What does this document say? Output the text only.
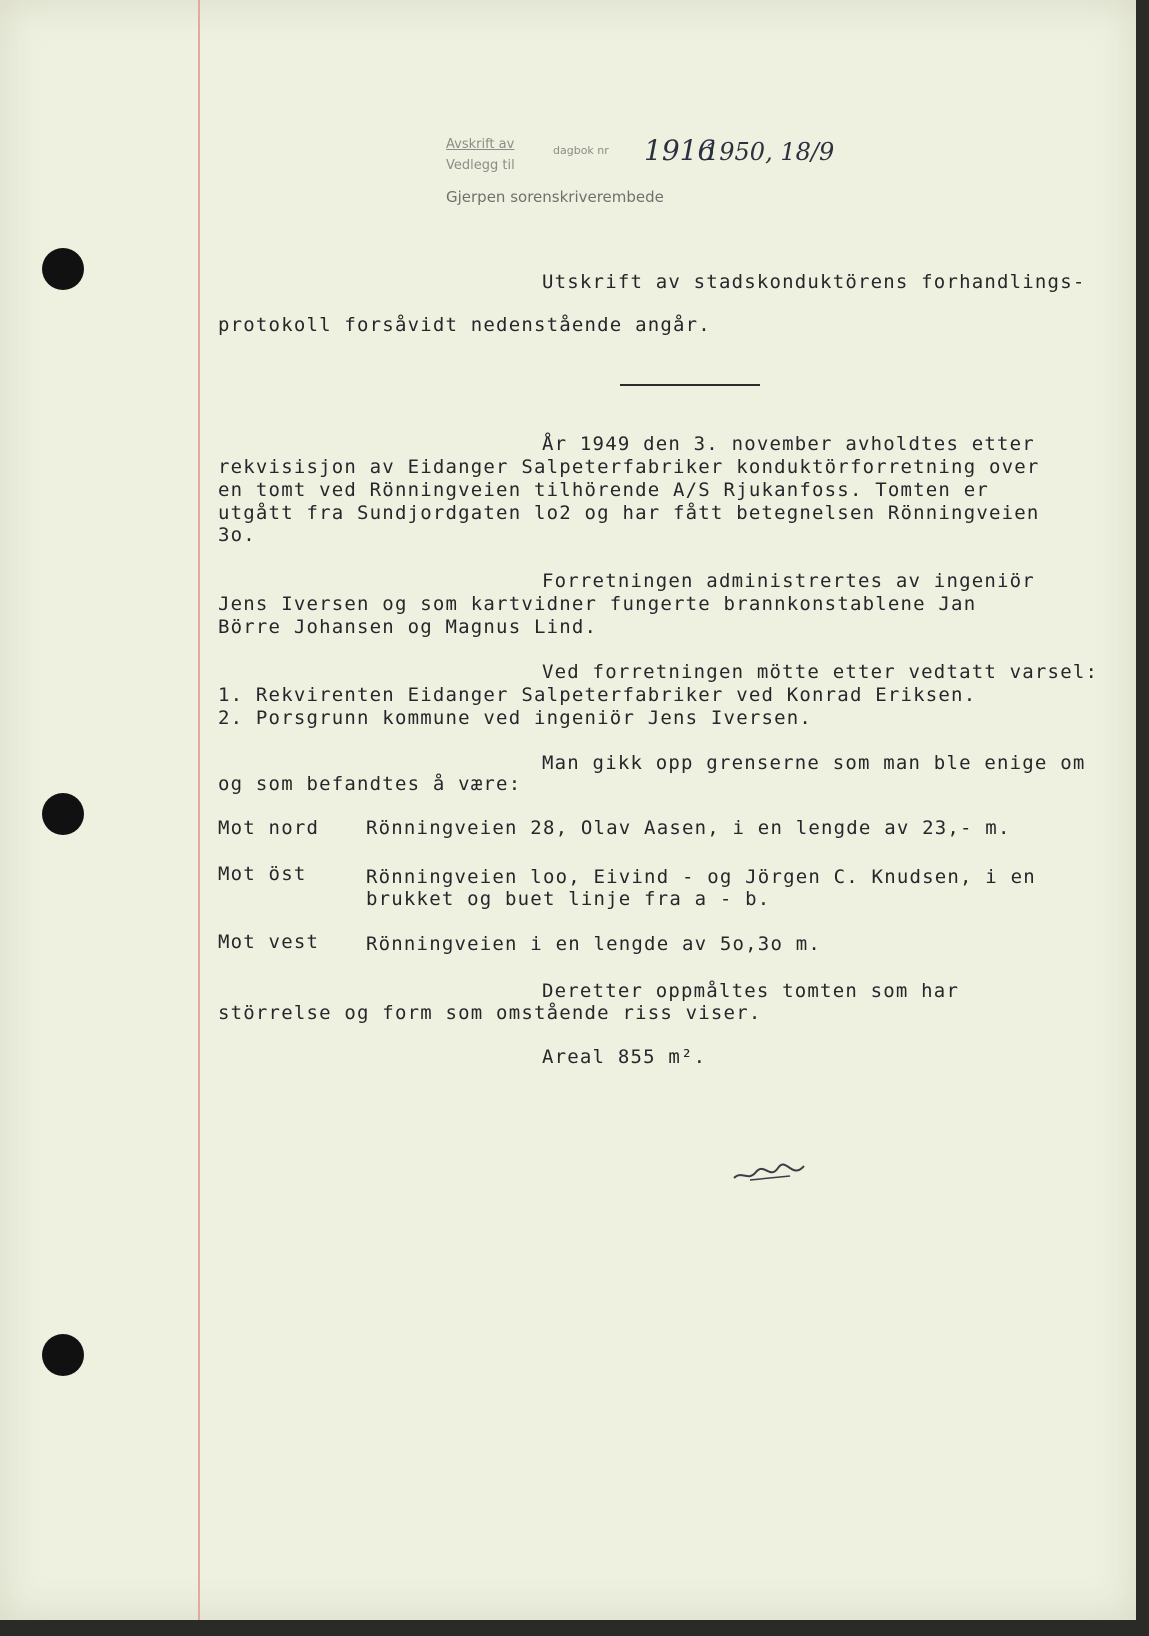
Avskrift av	dagbok nr
Vedlegg til
Gjerpen sorenskriverembede
1916
1950, 18/9
Utskrift av stadskonduktörens forhandlings-
protokoll forsåvidt nedenstående angår.
År 1949 den 3. november avholdtes etter
rekvisisjon av Eidanger Salpeterfabriker konduktörforretning over
en tomt ved Rönningveien tilhörende A/S Rjukanfoss. Tomten er
utgått fra Sundjordgaten lo2 og har fått betegnelsen Rönningveien
3o.
Forretningen administrertes av ingeniör
Jens Iversen og som kartvidner fungerte brannkonstablene Jan
Börre Johansen og Magnus Lind.
Ved forretningen mötte etter vedtatt varsel:
1. Rekvirenten Eidanger Salpeterfabriker ved Konrad Eriksen.
2. Porsgrunn kommune ved ingeniör Jens Iversen.
Man gikk opp grenserne som man ble enige om
og som befandtes å være:
Mot nord Rönningveien 28, Olav Aasen, i en lengde av 23,- m.
Mot öst	Rönningveien loo, Eivind - og Jörgen C. Knudsen, i en
brukket og buet linje fra a - b.
Mot vest Rönningveien i en lengde av 5o,3o m.
Deretter oppmåltes tomten som har
störrelse og form som omstående riss viser.
Areal 855 m².
